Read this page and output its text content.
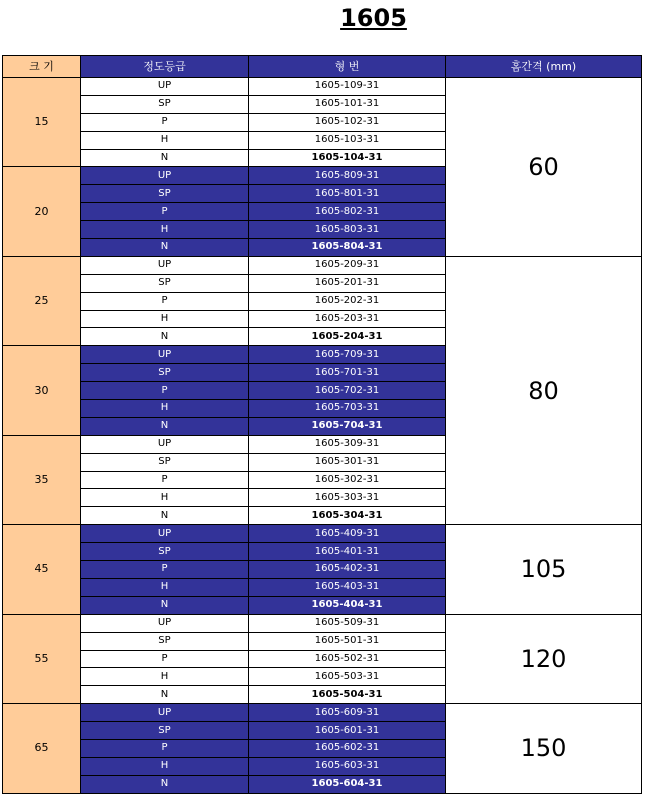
1605
크 기	정도등급	형 번	홈간격 (mm)
15	UP	1605-109-31	60
	SP	1605-101-31	
	P	1605-102-31	
	H	1605-103-31	
	N	1605-104-31	
20	UP	1605-809-31	
	SP	1605-801-31	
	P	1605-802-31	
	H	1605-803-31	
	N	1605-804-31	
25	UP	1605-209-31	80
	SP	1605-201-31	
	P	1605-202-31	
	H	1605-203-31	
	N	1605-204-31	
30	UP	1605-709-31	
	SP	1605-701-31	
	P	1605-702-31	
	H	1605-703-31	
	N	1605-704-31	
35	UP	1605-309-31	
	SP	1605-301-31	
	P	1605-302-31	
	H	1605-303-31	
	N	1605-304-31	
45	UP	1605-409-31	105
	SP	1605-401-31	
	P	1605-402-31	
	H	1605-403-31	
	N	1605-404-31	
55	UP	1605-509-31	120
	SP	1605-501-31	
	P	1605-502-31	
	H	1605-503-31	
	N	1605-504-31	
65	UP	1605-609-31	150
	SP	1605-601-31	
	P	1605-602-31	
	H	1605-603-31	
	N	1605-604-31	
